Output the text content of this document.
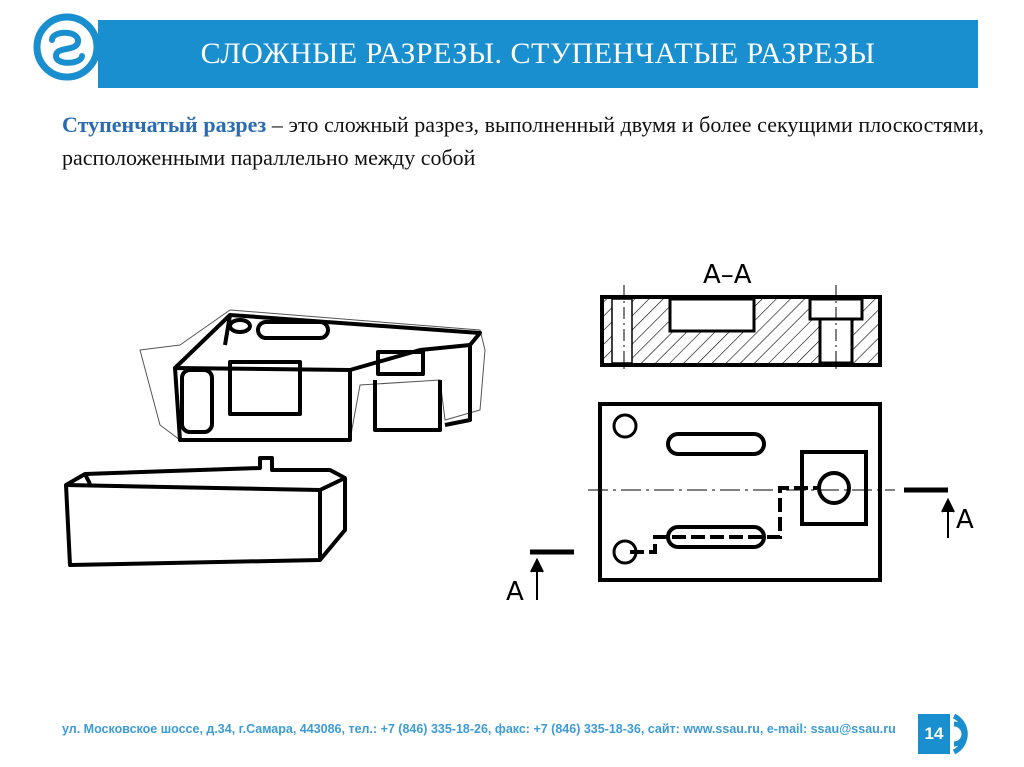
СЛОЖНЫЕ РАЗРЕЗЫ. СТУПЕНЧАТЫЕ РАЗРЕЗЫ
Ступенчатый разрез – это сложный разрез, выполненный двумя и более секущими плоскостями, расположенными параллельно между собой
А–А
А
А
ул. Московское шоссе, д.34, г.Самара, 443086, тел.: +7 (846) 335-18-26, факс: +7 (846) 335-18-36, сайт: www.ssau.ru, e-mail: ssau@ssau.ru	14
